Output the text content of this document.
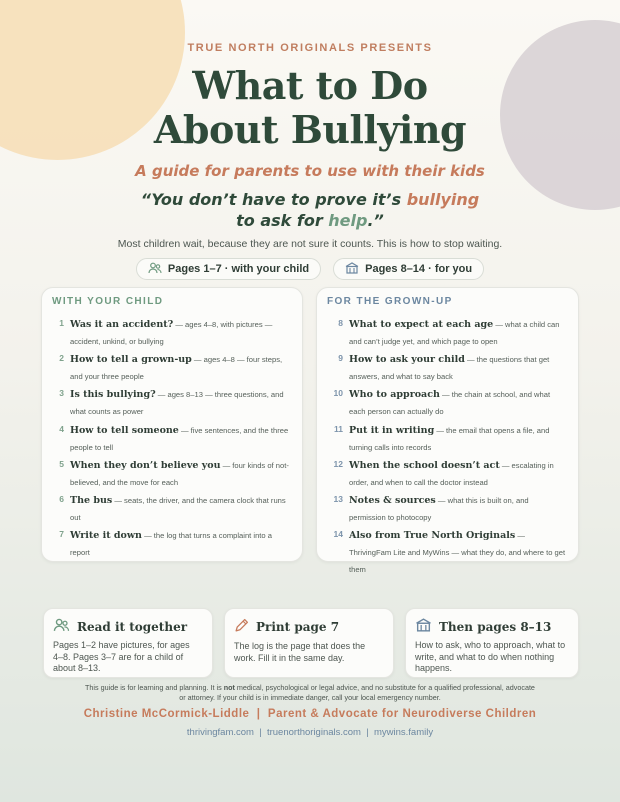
TRUE NORTH ORIGINALS PRESENTS
What to Do
About Bullying
A guide for parents to use with their kids
“You don’t have to prove it’s bullying
to ask for help.”
Most children wait, because they are not sure it counts. This is how to stop waiting.
Pages 1–7 · with your child	Pages 8–14 · for you
WITH YOUR CHILD
1 Was it an accident? — ages 4–8, with pictures — accident, unkind, or bullying
2 How to tell a grown-up — ages 4–8 — four steps, and your three people
3 Is this bullying? — ages 8–13 — three questions, and what counts as power
4 How to tell someone — five sentences, and the three people to tell
5 When they don’t believe you — four kinds of not-believed, and the move for each
6 The bus — seats, the driver, and the camera clock that runs out
7 Write it down — the log that turns a complaint into a report
FOR THE GROWN-UP
8 What to expect at each age — what a child can and can’t judge yet, and which page to open
9 How to ask your child — the questions that get answers, and what to say back
10 Who to approach — the chain at school, and what each person can actually do
11 Put it in writing — the email that opens a file, and turning calls into records
12 When the school doesn’t act — escalating in order, and when to call the doctor instead
13 Notes & sources — what this is built on, and permission to photocopy
14 Also from True North Originals — ThrivingFam Lite and MyWins — what they do, and where to get them
Read it together
Pages 1–2 have pictures, for ages 4–8. Pages 3–7 are for a child of about 8–13.
Print page 7
The log is the page that does the work. Fill it in the same day.
Then pages 8–13
How to ask, who to approach, what to write, and what to do when nothing happens.
This guide is for learning and planning. It is not medical, psychological or legal advice, and no substitute for a qualified professional, advocate or attorney. If your child is in immediate danger, call your local emergency number.
Christine McCormick-Liddle  |  Parent & Advocate for Neurodiverse Children
thrivingfam.com  |  truenorthoriginals.com  |  mywins.family
